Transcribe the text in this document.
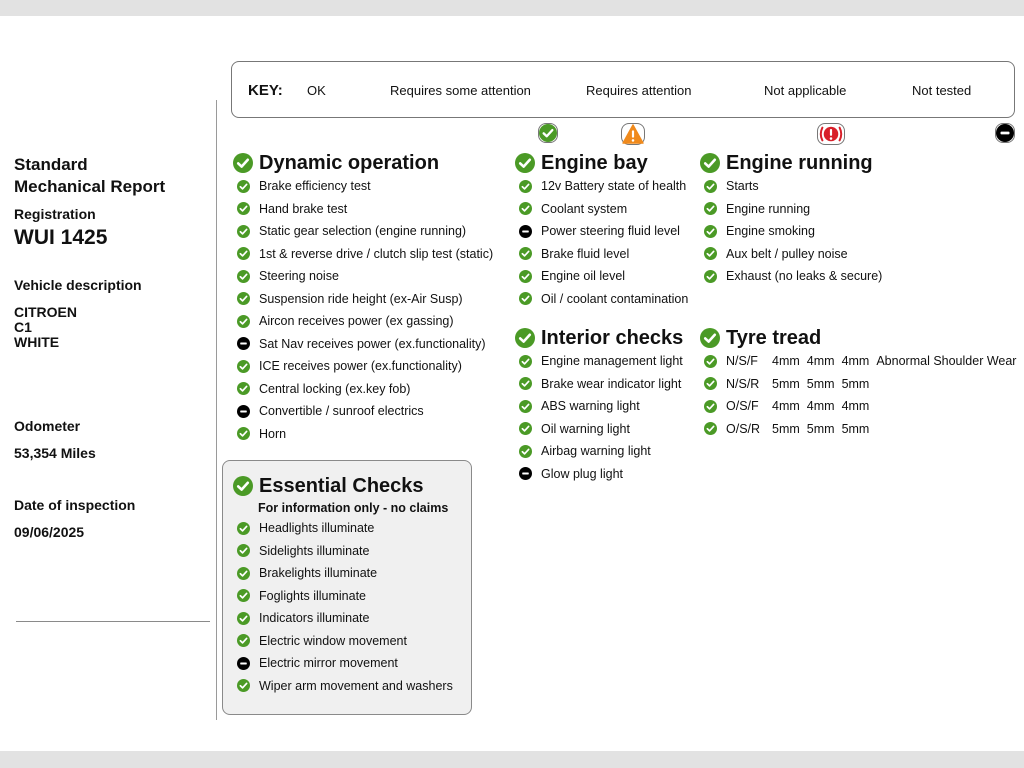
Standard
Mechanical Report
Registration
WUI 1425
Vehicle description
CITROEN
C1
WHITE
Odometer
53,354 Miles
Date of inspection
09/06/2025
KEY: OK	Requires some attention	Requires attention	Not applicable	Not tested
Dynamic operation
Brake efficiency test
Hand brake test
Static gear selection (engine running)
1st & reverse drive / clutch slip test (static)
Steering noise
Suspension ride height (ex-Air Susp)
Aircon receives power (ex gassing)
Sat Nav receives power (ex.functionality)
ICE receives power (ex.functionality)
Central locking (ex.key fob)
Convertible / sunroof electrics
Horn
Engine bay
12v Battery state of health
Coolant system
Power steering fluid level
Brake fluid level
Engine oil level
Oil / coolant contamination
Engine running
Starts
Engine running
Engine smoking
Aux belt / pulley noise
Exhaust (no leaks & secure)
Interior checks
Engine management light
Brake wear indicator light
ABS warning light
Oil warning light
Airbag warning light
Glow plug light
Tyre tread
N/S/F 4mm 4mm 4mm Abnormal Shoulder Wear
N/S/R 5mm 5mm 5mm
O/S/F 4mm 4mm 4mm
O/S/R 5mm 5mm 5mm
Essential Checks
For information only - no claims
Headlights illuminate
Sidelights illuminate
Brakelights illuminate
Foglights illuminate
Indicators illuminate
Electric window movement
Electric mirror movement
Wiper arm movement and washers
